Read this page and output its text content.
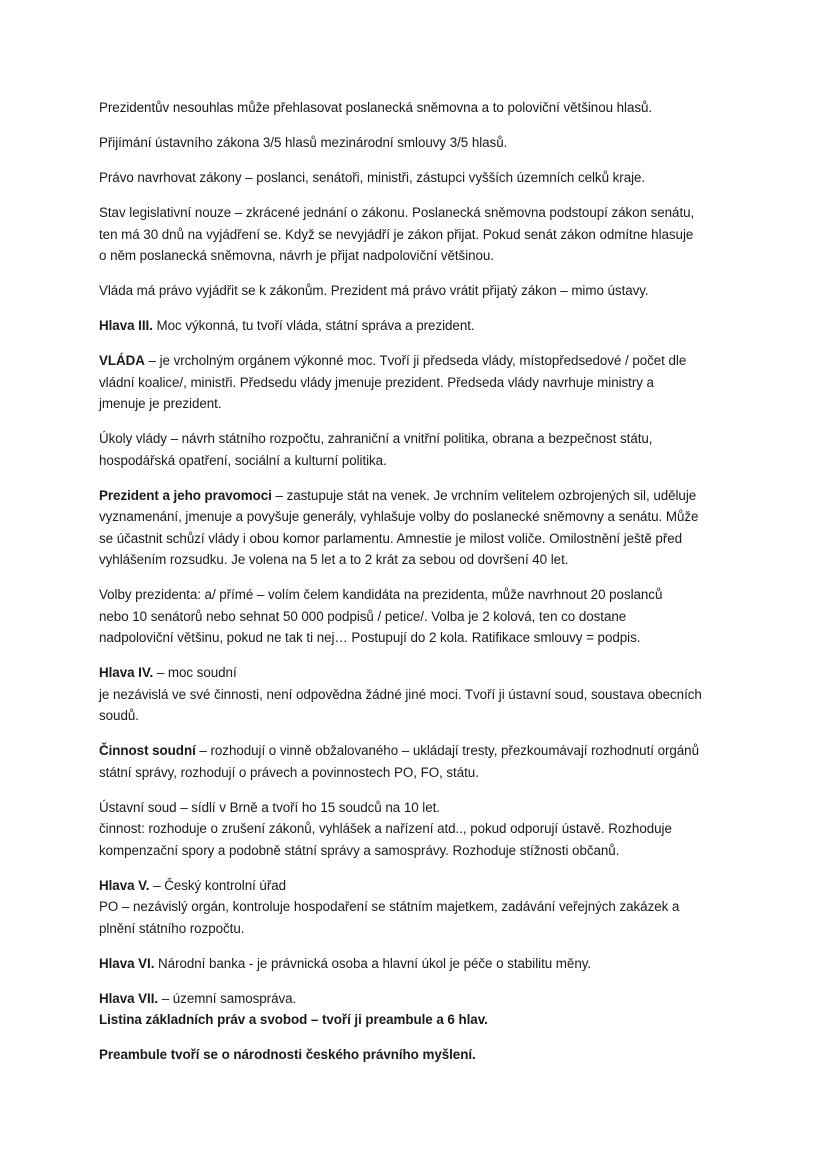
Prezidentův nesouhlas může přehlasovat poslanecká sněmovna a to poloviční většinou hlasů.

Přijímání ústavního zákona 3/5 hlasů mezinárodní smlouvy 3/5 hlasů.

Právo navrhovat zákony – poslanci, senátoři, ministři, zástupci vyšších územních celků kraje.

Stav legislativní nouze – zkrácené jednání o zákonu. Poslanecká sněmovna podstoupí zákon senátu,
ten má 30 dnů na vyjádření se. Když se nevyjádří je zákon přijat. Pokud senát zákon odmítne hlasuje
o něm poslanecká sněmovna, návrh je přijat nadpoloviční většinou.

Vláda má právo vyjádřit se k zákonům. Prezident má právo vrátit přijatý zákon – mimo ústavy.

Hlava III. Moc výkonná, tu tvoří vláda, státní správa a prezident.

VLÁDA – je vrcholným orgánem výkonné moc. Tvoří ji předseda vlády, místopředsedové / počet dle
vládní koalice/, ministři. Předsedu vlády jmenuje prezident. Předseda vlády navrhuje ministry a
jmenuje je prezident.

Úkoly vlády – návrh státního rozpočtu, zahraniční a vnitřní politika, obrana a bezpečnost státu,
hospodářská opatření, sociální a kulturní politika.

Prezident a jeho pravomoci – zastupuje stát na venek. Je vrchním velitelem ozbrojených sil, uděluje
vyznamenání, jmenuje a povyšuje generály, vyhlašuje volby do poslanecké sněmovny a senátu. Může
se účastnit schůzí vlády i obou komor parlamentu. Amnestie je milost voliče. Omilostnění ještě před
vyhlášením rozsudku. Je volena na 5 let a to 2 krát za sebou od dovršení 40 let.

Volby prezidenta: a/ přímé – volím čelem kandidáta na prezidenta, může navrhnout 20 poslanců
nebo 10 senátorů nebo sehnat 50 000 podpisů / petice/. Volba je 2 kolová, ten co dostane
nadpoloviční většinu, pokud ne tak ti nej… Postupují do 2 kola. Ratifikace smlouvy = podpis.

Hlava IV. – moc soudní
je nezávislá ve své činnosti, není odpovědna žádné jiné moci. Tvoří ji ústavní soud, soustava obecních
soudů.

Činnost soudní – rozhodují o vinně obžalovaného – ukládají tresty, přezkoumávají rozhodnutí orgánů
státní správy, rozhodují o právech a povinnostech PO, FO, státu.

Ústavní soud – sídlí v Brně a tvoří ho 15 soudců na 10 let.
činnost: rozhoduje o zrušení zákonů, vyhlášek a nařízení atd.., pokud odporují ústavě. Rozhoduje
kompenzační spory a podobně státní správy a samosprávy. Rozhoduje stížnosti občanů.

Hlava V. – Český kontrolní úřad
PO – nezávislý orgán, kontroluje hospodaření se státním majetkem, zadávání veřejných zakázek a
plnění státního rozpočtu.

Hlava VI. Národní banka - je právnická osoba a hlavní úkol je péče o stabilitu měny.

Hlava VII. – územní samospráva.
Listina základních práv a svobod – tvoří ji preambule a 6 hlav.

Preambule tvoří se o národnosti českého právního myšlení.
